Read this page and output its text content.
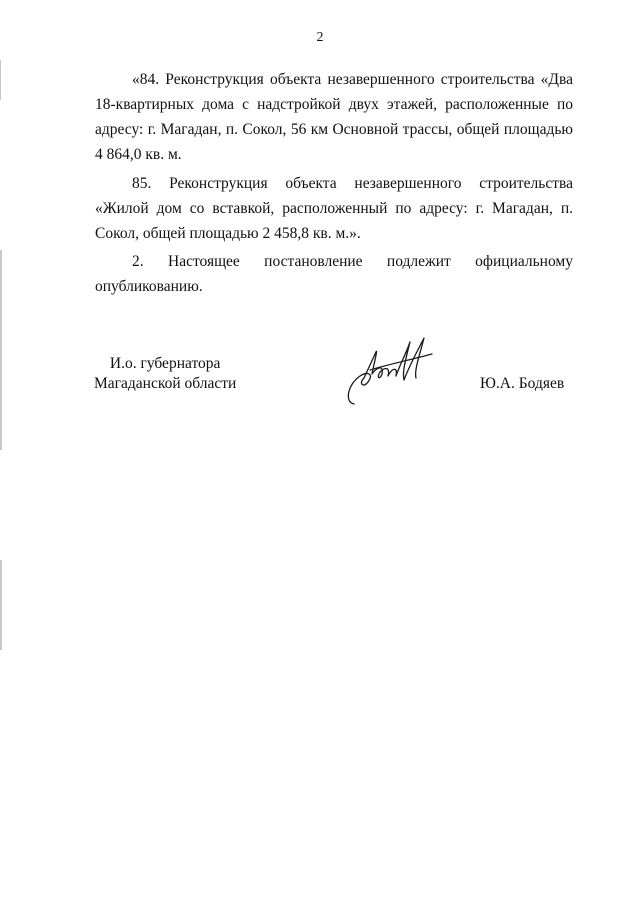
2

«84. Реконструкция объекта незавершенного строительства «Два 18-квартирных дома с надстройкой двух этажей, расположенные по адресу: г. Магадан, п. Сокол, 56 км Основной трассы, общей площадью 4 864,0 кв. м.

85. Реконструкция объекта незавершенного строительства «Жилой дом со вставкой, расположенный по адресу: г. Магадан, п. Сокол, общей площадью 2 458,8 кв. м.».

2. Настоящее постановление подлежит официальному опубликованию.

И.о. губернатора
Магаданской области	Ю.А. Бодяев
